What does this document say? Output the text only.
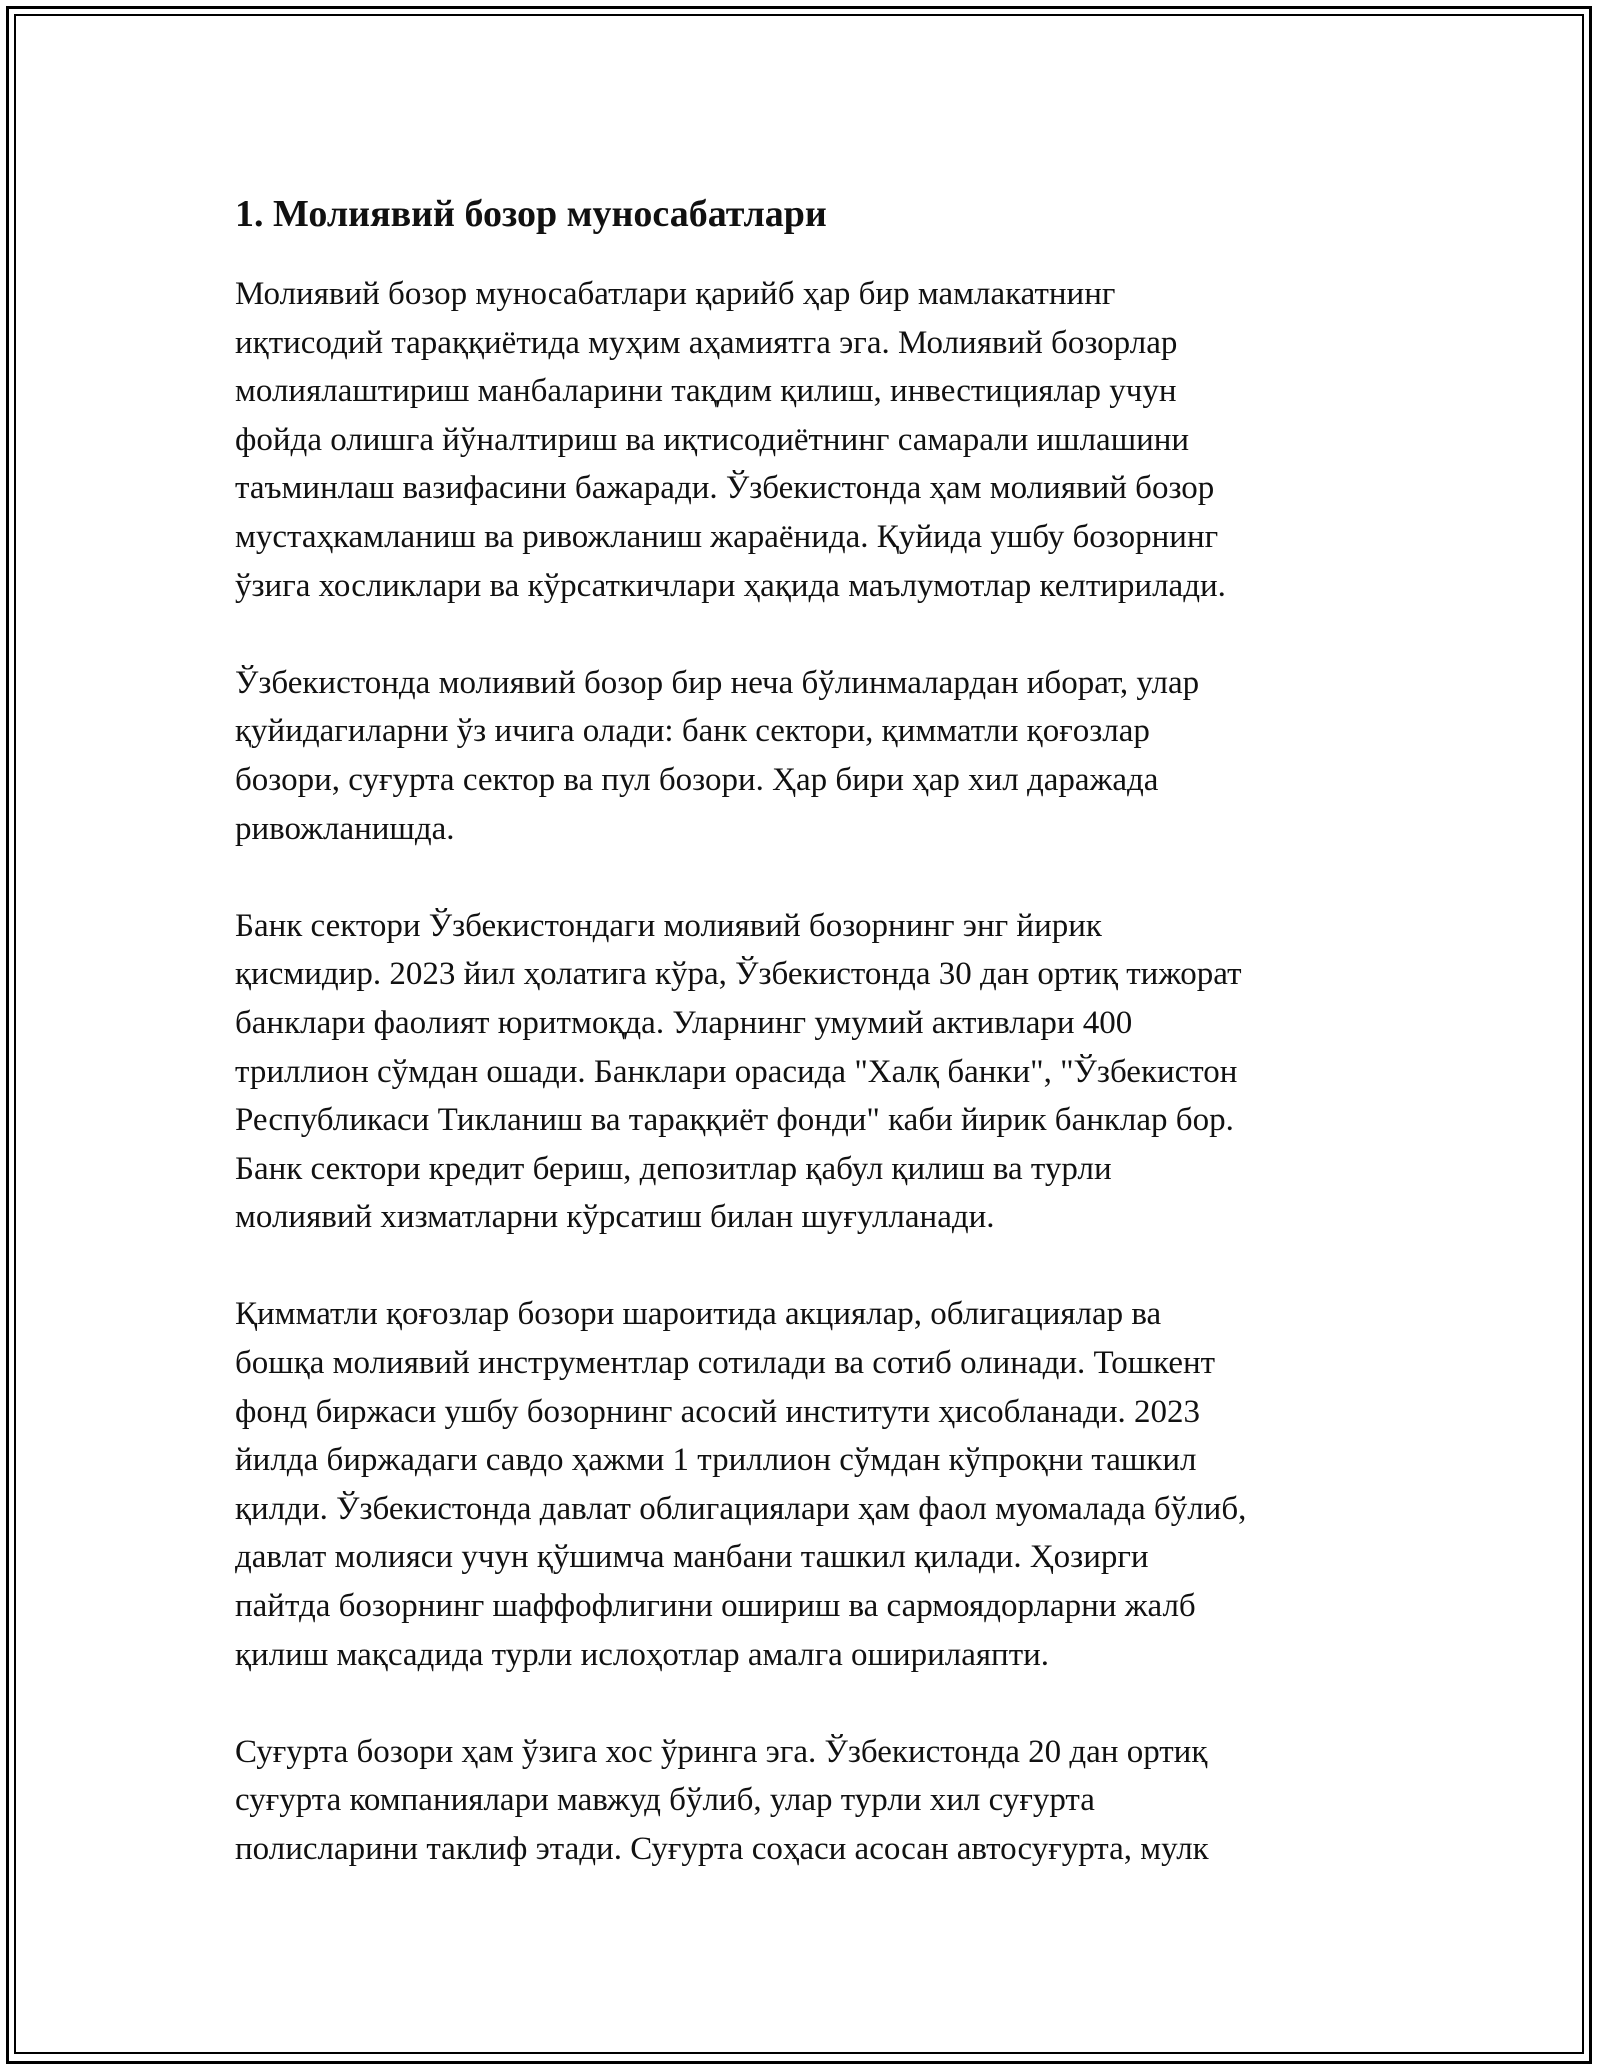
1. Молиявий бозор муносабатлари

Молиявий бозор муносабатлари қарийб ҳар бир мамлакатнинг
иқтисодий тараққиётида муҳим аҳамиятга эга. Молиявий бозорлар
молиялаштириш манбаларини тақдим қилиш, инвестициялар учун
фойда олишга йўналтириш ва иқтисодиётнинг самарали ишлашини
таъминлаш вазифасини бажаради. Ўзбекистонда ҳам молиявий бозор
мустаҳкамланиш ва ривожланиш жараёнида. Қуйида ушбу бозорнинг
ўзига хосликлари ва кўрсаткичлари ҳақида маълумотлар келтирилади.

Ўзбекистонда молиявий бозор бир неча бўлинмалардан иборат, улар
қуйидагиларни ўз ичига олади: банк сектори, қимматли қоғозлар
бозори, суғурта сектор ва пул бозори. Ҳар бири ҳар хил даражада
ривожланишда.

Банк сектори Ўзбекистондаги молиявий бозорнинг энг йирик
қисмидир. 2023 йил ҳолатига кўра, Ўзбекистонда 30 дан ортиқ тижорат
банклари фаолият юритмоқда. Уларнинг умумий активлари 400
триллион сўмдан ошади. Банклари орасида "Халқ банки", "Ўзбекистон
Республикаси Тикланиш ва тараққиёт фонди" каби йирик банклар бор.
Банк сектори кредит бериш, депозитлар қабул қилиш ва турли
молиявий хизматларни кўрсатиш билан шуғулланади.

Қимматли қоғозлар бозори шароитида акциялар, облигациялар ва
бошқа молиявий инструментлар сотилади ва сотиб олинади. Тошкент
фонд биржаси ушбу бозорнинг асосий институти ҳисобланади. 2023
йилда биржадаги савдо ҳажми 1 триллион сўмдан кўпроқни ташкил
қилди. Ўзбекистонда давлат облигациялари ҳам фаол муомалада бўлиб,
давлат молияси учун қўшимча манбани ташкил қилади. Ҳозирги
пайтда бозорнинг шаффофлигини ошириш ва сармоядорларни жалб
қилиш мақсадида турли ислоҳотлар амалга оширилаяпти.

Суғурта бозори ҳам ўзига хос ўринга эга. Ўзбекистонда 20 дан ортиқ
суғурта компаниялари мавжуд бўлиб, улар турли хил суғурта
полисларини таклиф этади. Суғурта соҳаси асосан автосуғурта, мулк
